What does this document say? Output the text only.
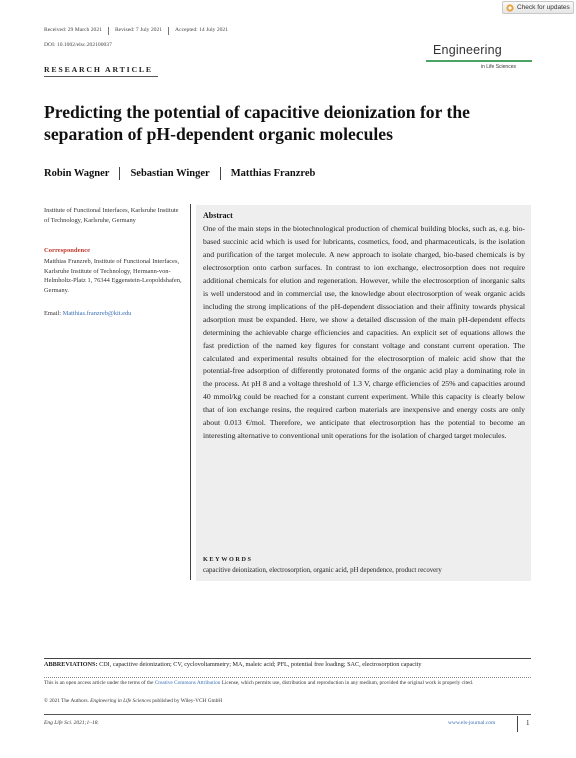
Check for updates
Received: 29 March 2021 Revised: 7 July 2021 Accepted: 14 July 2021
DOI: 10.1002/elsc.202100037
RESEARCH ARTICLE
Engineering
in Life Sciences
Predicting the potential of capacitive deionization for the separation of pH-dependent organic molecules
Robin Wagner Sebastian Winger Matthias Franzreb
Institute of Functional Interfaces, Karlsruhe Institute of Technology, Karlsruhe, Germany
Correspondence
Matthias Franzreb, Institute of Functional Interfaces, Karlsruhe Institute of Technology, Hermann-von-Helmholtz-Platz 1, 76344 Eggenstein-Leopoldshafen, Germany.
Email: Matthias.franzreb@kit.edu
Abstract
One of the main steps in the biotechnological production of chemical building blocks, such as, e.g. bio-based succinic acid which is used for lubricants, cosmetics, food, and pharmaceuticals, is the isolation and purification of the target molecule. A new approach to isolate charged, bio-based chemicals is by electrosorption onto carbon surfaces. In contrast to ion exchange, electrosorption does not require additional chemicals for elution and regeneration. However, while the electrosorption of inorganic salts is well understood and in commercial use, the knowledge about electrosorption of weak organic acids including the strong implications of the pH-dependent dissociation and their affinity towards physical adsorption must be expanded. Here, we show a detailed discussion of the main pH-dependent effects determining the achievable charge efficiencies and capacities. An explicit set of equations allows the fast prediction of the named key figures for constant voltage and constant current operation. The calculated and experimental results obtained for the electrosorption of maleic acid show that the potential-free adsorption of differently protonated forms of the organic acid play a dominating role in the process. At pH 8 and a voltage threshold of 1.3 V, charge efficiencies of 25% and capacities around 40 mmol/kg could be reached for a constant current experiment. While this capacity is clearly below that of ion exchange resins, the required carbon materials are inexpensive and energy costs are only about 0.013 €/mol. Therefore, we anticipate that electrosorption has the potential to become an interesting alternative to conventional unit operations for the isolation of charged target molecules.
KEYWORDS
capacitive deionization, electrosorption, organic acid, pH dependence, product recovery
ABBREVIATIONS: CDI, capacitive deionization; CV, cyclovoltammetry; MA, maleic acid; PFL, potential free loading; SAC, electrosorption capacity
This is an open access article under the terms of the Creative Commons Attribution License, which permits use, distribution and reproduction in any medium, provided the original work is properly cited.
© 2021 The Authors. Engineering in Life Sciences published by Wiley-VCH GmbH
Eng Life Sci. 2021;1–18.	www.els-journal.com	1
